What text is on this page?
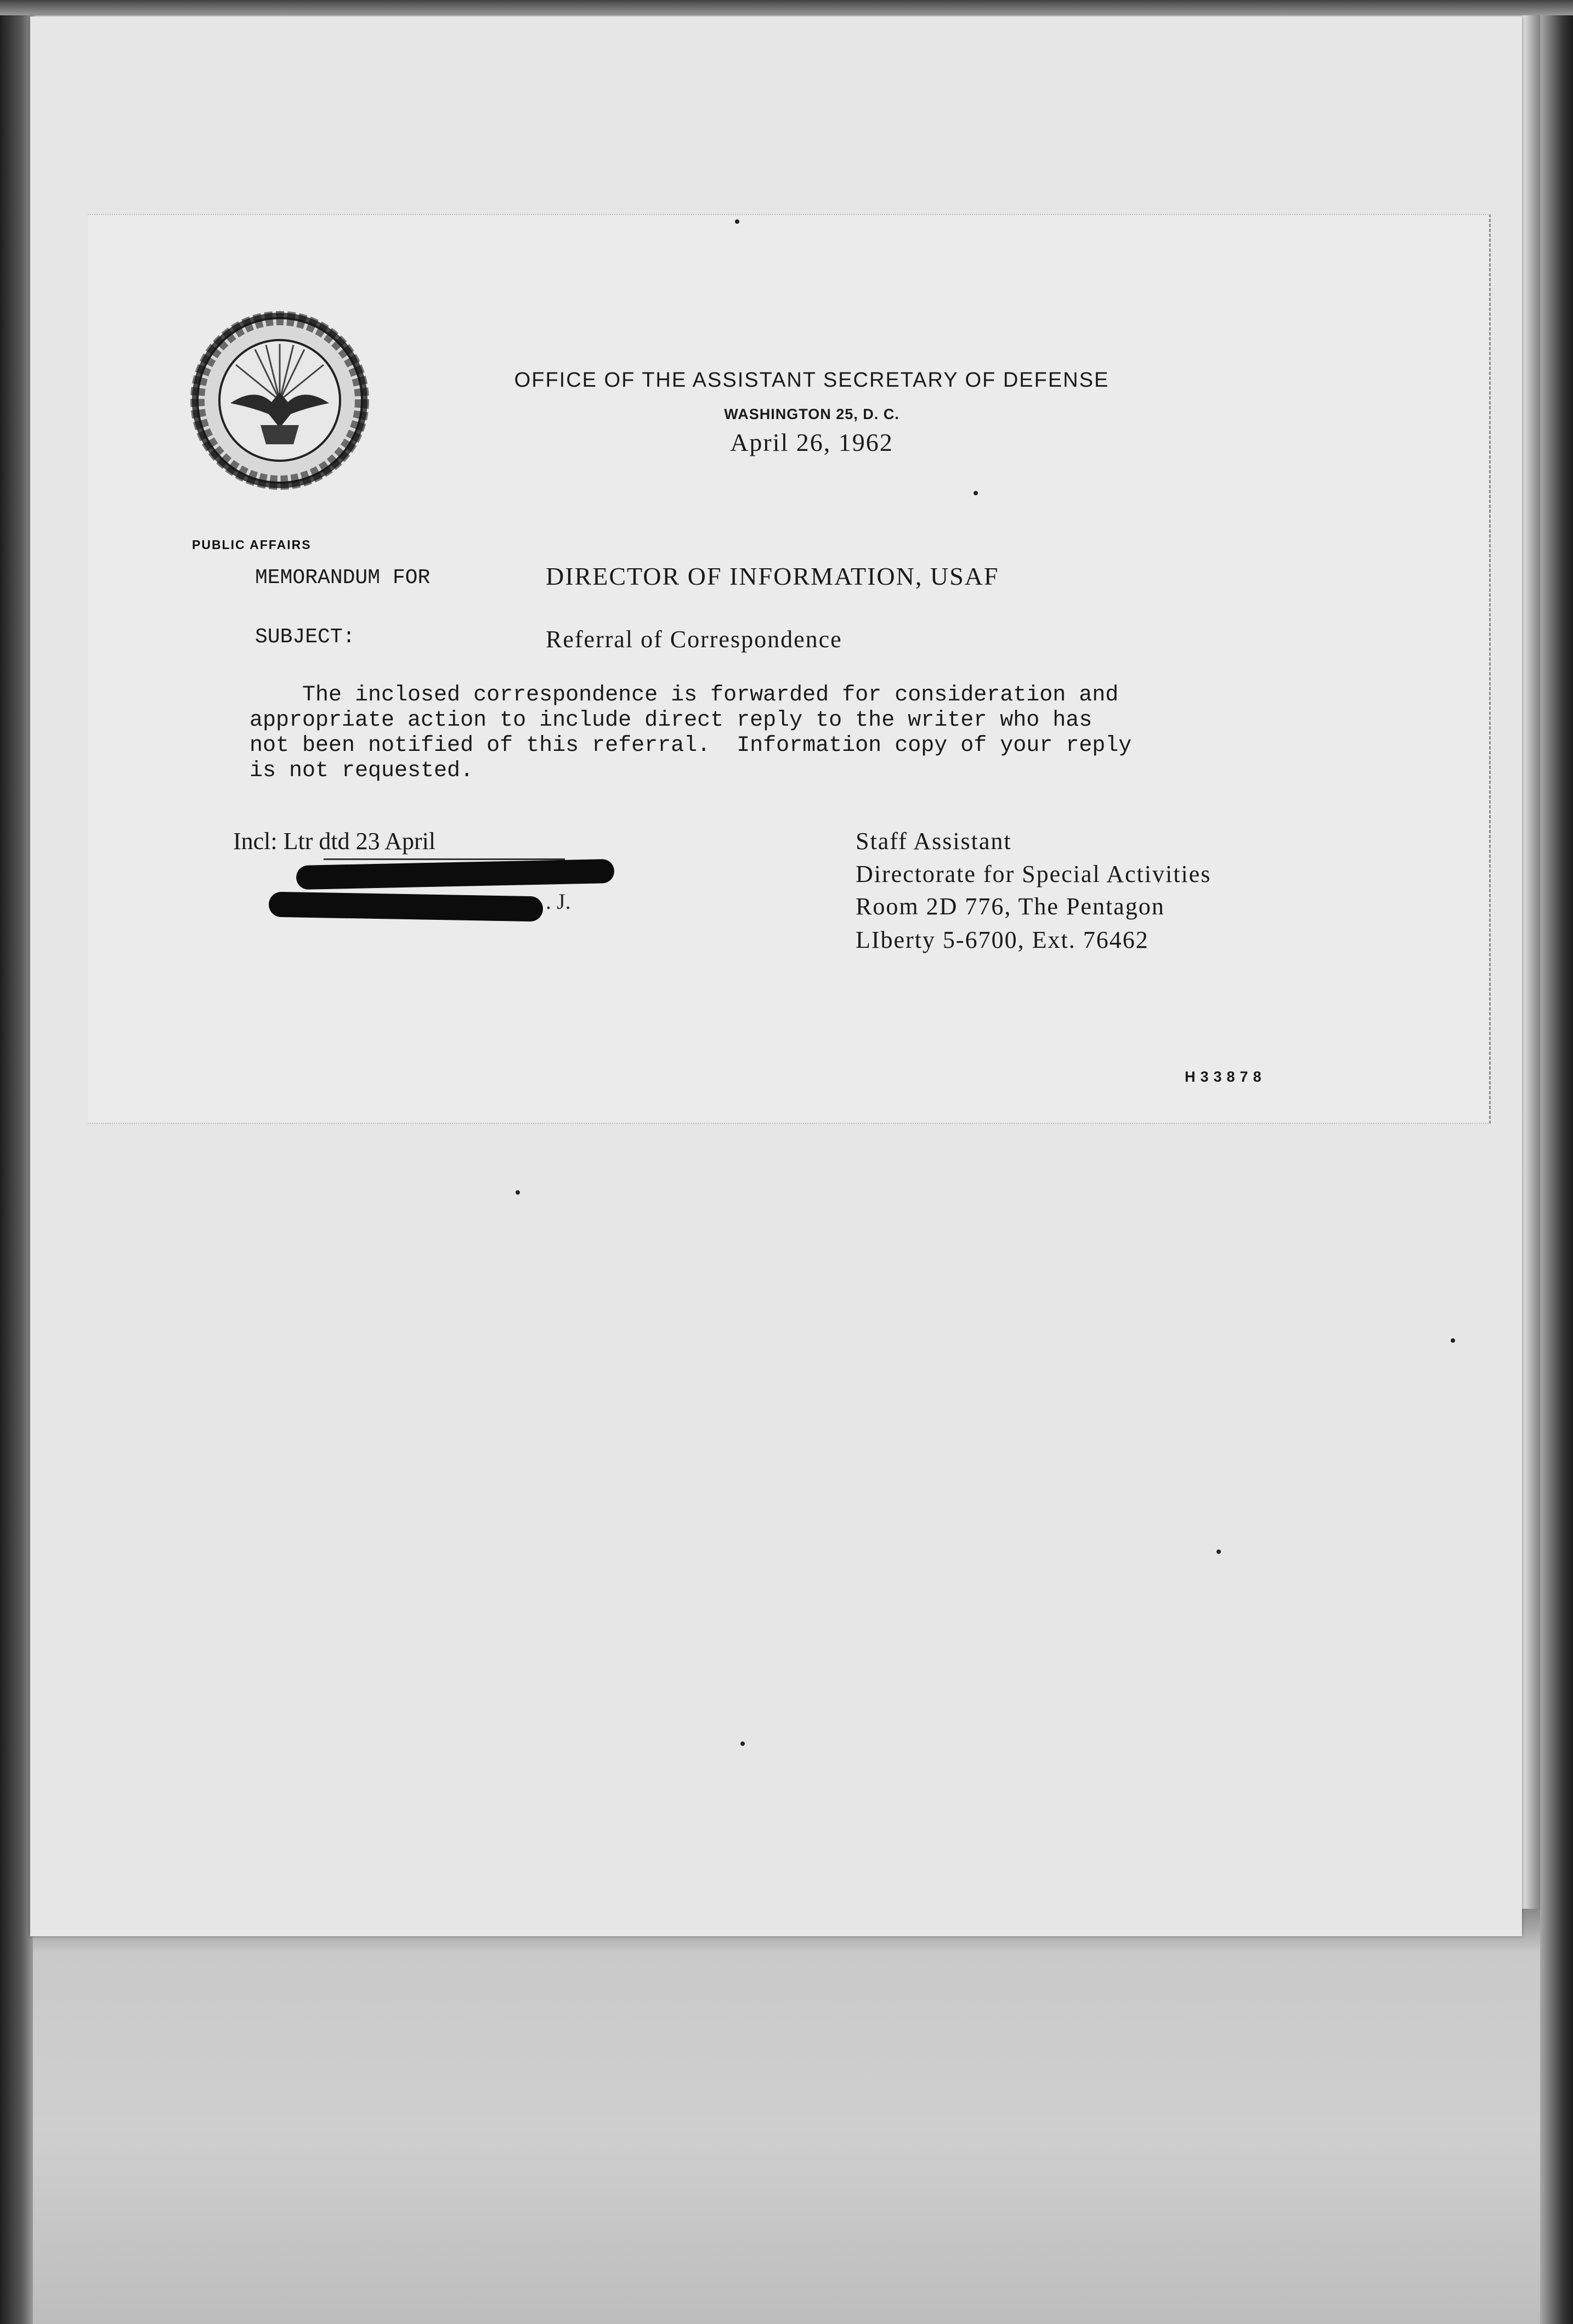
OFFICE OF THE ASSISTANT SECRETARY OF DEFENSE
WASHINGTON 25, D. C.
April 26, 1962
PUBLIC AFFAIRS
MEMORANDUM FOR	DIRECTOR OF INFORMATION, USAF
SUBJECT:	Referral of Correspondence
The inclosed correspondence is forwarded for consideration and
appropriate action to include direct reply to the writer who has
not been notified of this referral.  Information copy of your reply
is not requested.
Incl: Ltr dtd 23 April
. J.
Staff Assistant
Directorate for Special Activities
Room 2D 776, The Pentagon
LIberty 5-6700, Ext. 76462
H33878
